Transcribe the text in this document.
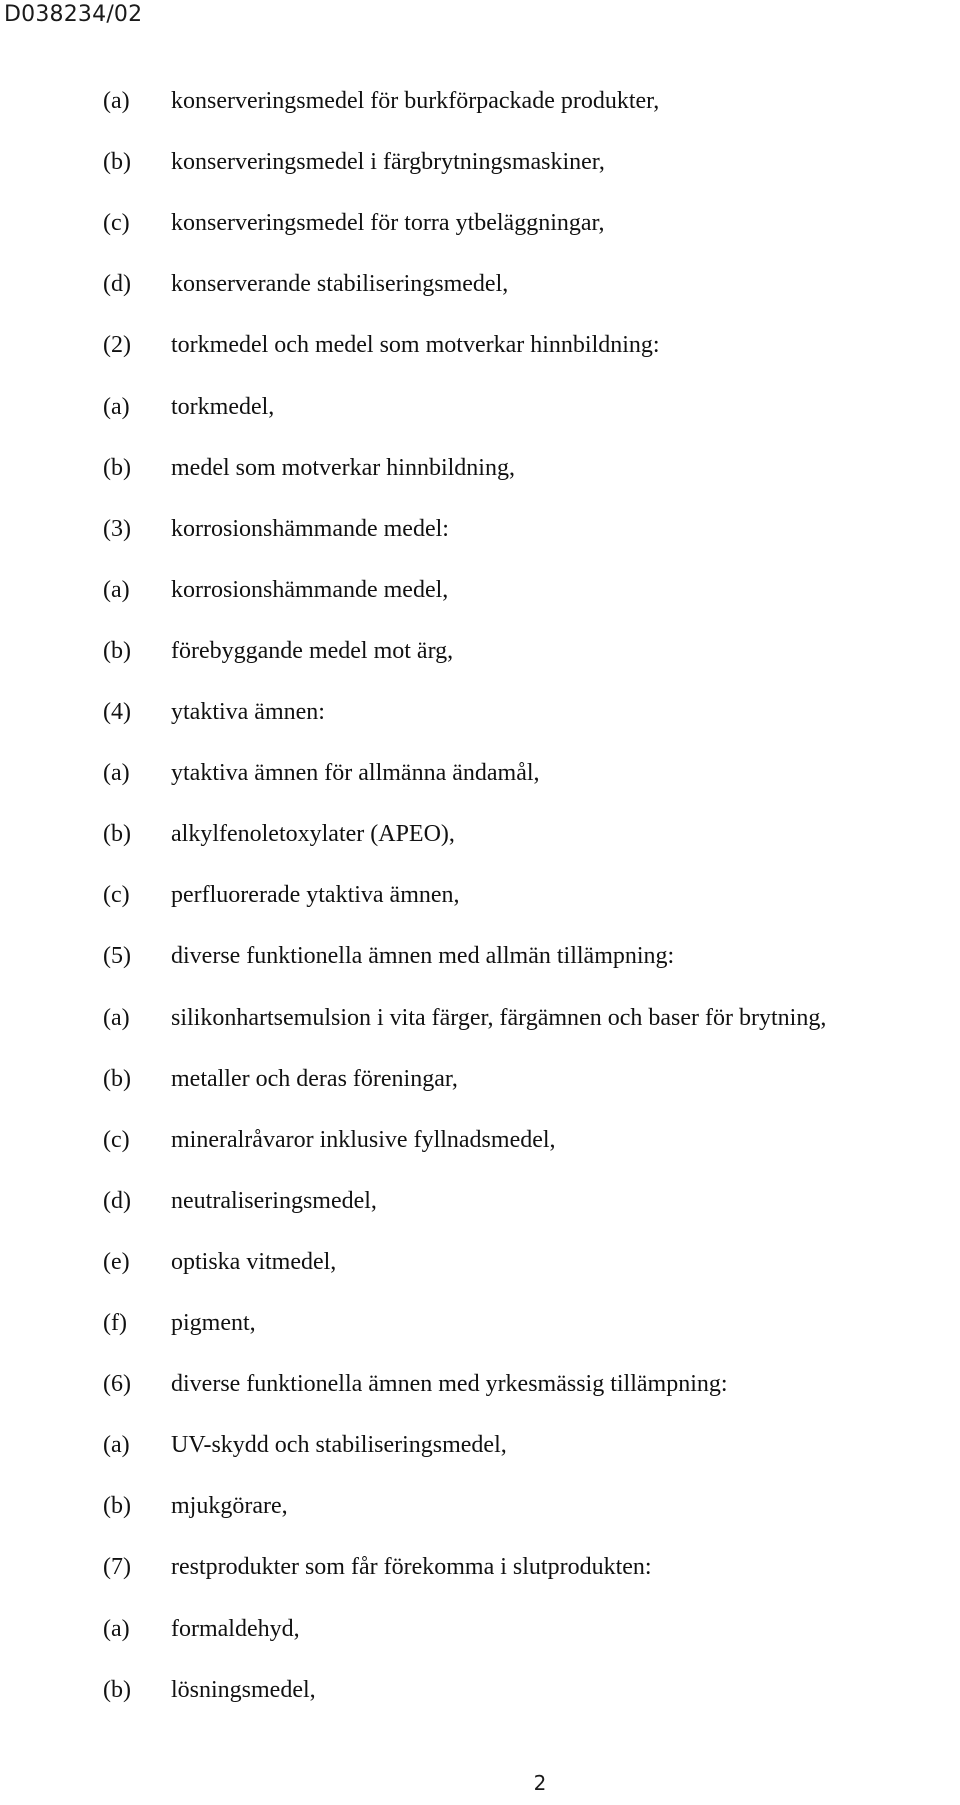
D038234/02
(a) konserveringsmedel för burkförpackade produkter,
(b) konserveringsmedel i färgbrytningsmaskiner,
(c) konserveringsmedel för torra ytbeläggningar,
(d) konserverande stabiliseringsmedel,
(2) torkmedel och medel som motverkar hinnbildning:
(a) torkmedel,
(b) medel som motverkar hinnbildning,
(3) korrosionshämmande medel:
(a) korrosionshämmande medel,
(b) förebyggande medel mot ärg,
(4) ytaktiva ämnen:
(a) ytaktiva ämnen för allmänna ändamål,
(b) alkylfenoletoxylater (APEO),
(c) perfluorerade ytaktiva ämnen,
(5) diverse funktionella ämnen med allmän tillämpning:
(a) silikonhartsemulsion i vita färger, färgämnen och baser för brytning,
(b) metaller och deras föreningar,
(c) mineralråvaror inklusive fyllnadsmedel,
(d) neutraliseringsmedel,
(e) optiska vitmedel,
(f) pigment,
(6) diverse funktionella ämnen med yrkesmässig tillämpning:
(a) UV-skydd och stabiliseringsmedel,
(b) mjukgörare,
(7) restprodukter som får förekomma i slutprodukten:
(a) formaldehyd,
(b) lösningsmedel,
2
